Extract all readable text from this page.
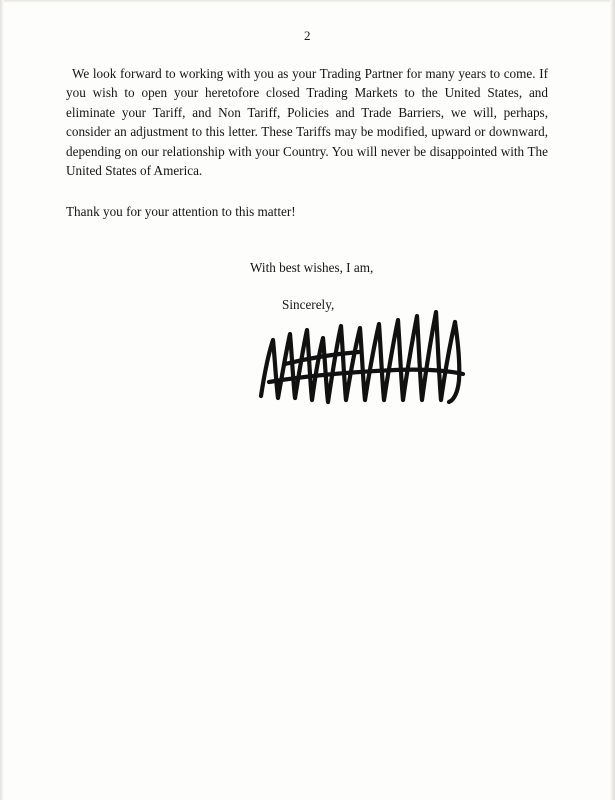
2

We look forward to working with you as your Trading Partner for many years to come. If you wish to open your heretofore closed Trading Markets to the United States, and eliminate your Tariff, and Non Tariff, Policies and Trade Barriers, we will, perhaps, consider an adjustment to this letter. These Tariffs may be modified, upward or downward, depending on our relationship with your Country. You will never be disappointed with The United States of America.

Thank you for your attention to this matter!

With best wishes, I am,
Sincerely,
